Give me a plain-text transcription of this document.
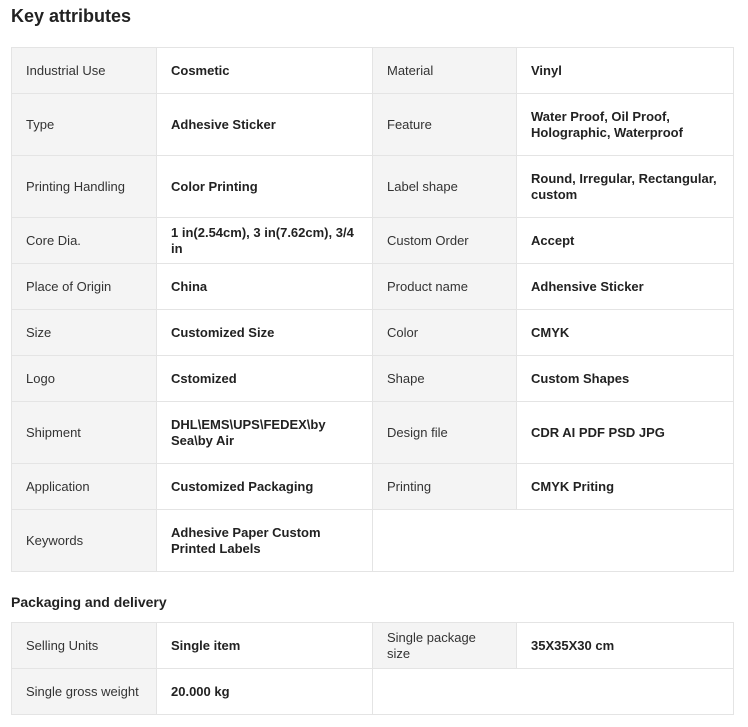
Key attributes
Industrial Use	Cosmetic	Material	Vinyl
Type	Adhesive Sticker	Feature	Water Proof, Oil Proof, Holographic, Waterproof
Printing Handling	Color Printing	Label shape	Round, Irregular, Rectangular, custom
Core Dia.	1 in(2.54cm), 3 in(7.62cm), 3/4 in	Custom Order	Accept
Place of Origin	China	Product name	Adhensive Sticker
Size	Customized Size	Color	CMYK
Logo	Cstomized	Shape	Custom Shapes
Shipment	DHL\EMS\UPS\FEDEX\by Sea\by Air	Design file	CDR AI PDF PSD JPG
Application	Customized Packaging	Printing	CMYK Priting
Keywords	Adhesive Paper Custom Printed Labels		
Packaging and delivery
Selling Units	Single item	Single package size	35X35X30 cm
Single gross weight	20.000 kg		
